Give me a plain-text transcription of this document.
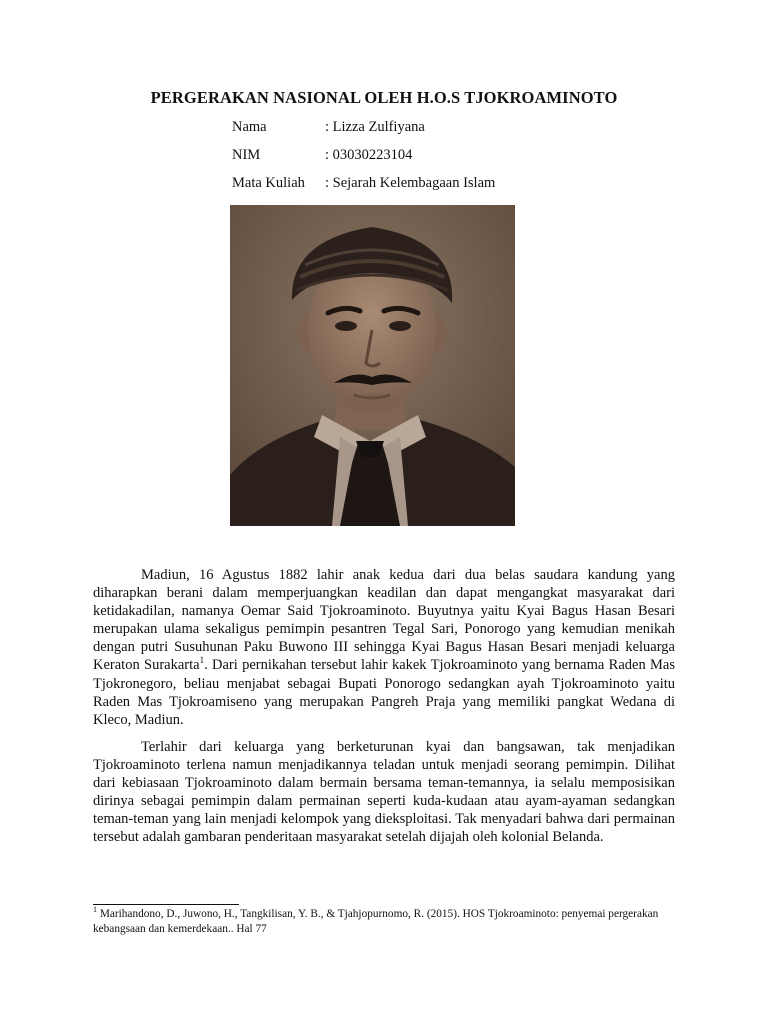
PERGERAKAN NASIONAL OLEH H.O.S TJOKROAMINOTO
Nama	: Lizza Zulfiyana
NIM	: 03030223104
Mata Kuliah	: Sejarah Kelembagaan Islam

Madiun, 16 Agustus 1882 lahir anak kedua dari dua belas saudara kandung yang diharapkan berani dalam memperjuangkan keadilan dan dapat mengangkat masyarakat dari ketidakadilan, namanya Oemar Said Tjokroaminoto. Buyutnya yaitu Kyai Bagus Hasan Besari merupakan ulama sekaligus pemimpin pesantren Tegal Sari, Ponorogo yang kemudian menikah dengan putri Susuhunan Paku Buwono III sehingga Kyai Bagus Hasan Besari menjadi keluarga Keraton Surakarta$^1$. Dari pernikahan tersebut lahir kakek Tjokroaminoto yang bernama Raden Mas Tjokronegoro, beliau menjabat sebagai Bupati Ponorogo sedangkan ayah Tjokroaminoto yaitu Raden Mas Tjokroamiseno yang merupakan Pangreh Praja yang memiliki pangkat Wedana di Kleco, Madiun.

Terlahir dari keluarga yang berketurunan kyai dan bangsawan, tak menjadikan Tjokroaminoto terlena namun menjadikannya teladan untuk menjadi seorang pemimpin. Dilihat dari kebiasaan Tjokroaminoto dalam bermain bersama teman-temannya, ia selalu memposisikan dirinya sebagai pemimpin dalam permainan seperti kuda-kudaan atau ayam-ayaman sedangkan teman-teman yang lain menjadi kelompok yang dieksploitasi. Tak menyadari bahwa dari permainan tersebut adalah gambaran penderitaan masyarakat setelah dijajah oleh kolonial Belanda.

$^1$ Marihandono, D., Juwono, H., Tangkilisan, Y. B., & Tjahjopurnomo, R. (2015). HOS Tjokroaminoto: penyemai pergerakan kebangsaan dan kemerdekaan.. Hal 77
